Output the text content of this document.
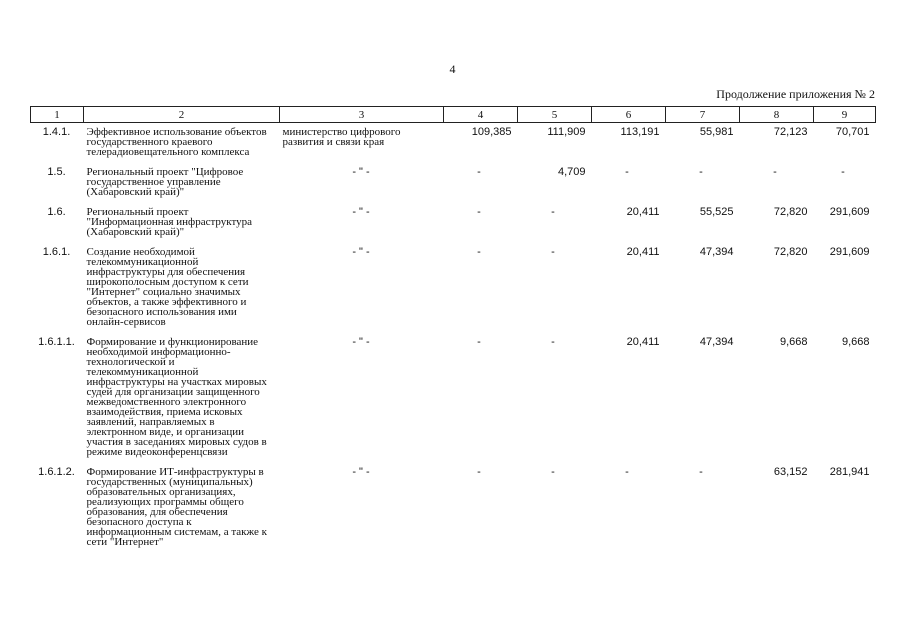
4
Продолжение приложения № 2
1	2	3	4	5	6	7	8	9
1.4.1.	Эффективное использование объектов государственного краевого телерадиовещательного комплекса	министерство цифрового развития и связи края	109,385	111,909	113,191	55,981	72,123	70,701
1.5.	Региональный проект "Цифровое государственное управление (Хабаровский край)"	- " -	-	4,709	-	-	-	-
1.6.	Региональный проект "Информационная инфраструктура (Хабаровский край)"	- " -	-	-	20,411	55,525	72,820	291,609
1.6.1.	Создание необходимой телекоммуникационной инфраструктуры для обеспечения широкополосным доступом к сети "Интернет" социально значимых объектов, а также эффективного и безопасного использования ими онлайн-сервисов	- " -	-	-	20,411	47,394	72,820	291,609
1.6.1.1.	Формирование и функционирование необходимой информационно-технологической и телекоммуникационной инфраструктуры на участках мировых судей для организации защищенного межведомственного электронного взаимодействия, приема исковых заявлений, направляемых в электронном виде, и организации участия в заседаниях мировых судов в режиме видеоконференцсвязи	- " -	-	-	20,411	47,394	9,668	9,668
1.6.1.2.	Формирование ИТ-инфраструктуры в государственных (муниципальных) образовательных организациях, реализующих программы общего образования, для обеспечения безопасного доступа к информационным системам, а также к сети "Интернет"	- " -	-	-	-	-	63,152	281,941
